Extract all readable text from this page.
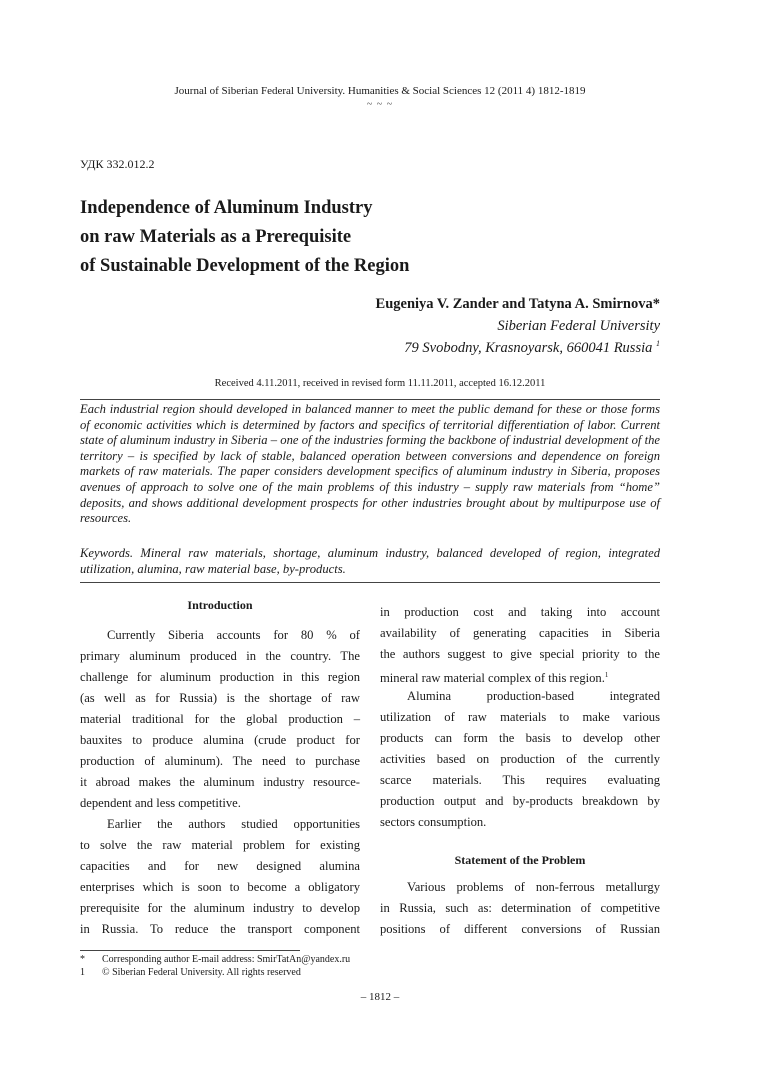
Journal of Siberian Federal University. Humanities & Social Sciences 12 (2011 4) 1812-1819
~ ~ ~
УДК 332.012.2
Independence of Aluminum Industry
on raw Materials as a Prerequisite
of Sustainable Development of the Region
Eugeniya V. Zander and Tatyna A. Smirnova*
Siberian Federal University
79 Svobodny, Krasnoyarsk, 660041 Russia $^1$
Received 4.11.2011, received in revised form 11.11.2011, accepted 16.12.2011
Each industrial region should developed in balanced manner to meet the public demand for these or those forms of economic activities which is determined by factors and specifics of territorial differentiation of labor. Current state of aluminum industry in Siberia – one of the industries forming the backbone of industrial development of the territory – is specified by lack of stable, balanced operation between conversions and dependence on foreign markets of raw materials. The paper considers development specifics of aluminum industry in Siberia, proposes avenues of approach to solve one of the main problems of this industry – supply raw materials from “home” deposits, and shows additional development prospects for other industries brought about by multipurpose use of resources.
Keywords. Mineral raw materials, shortage, aluminum industry, balanced developed of region, integrated utilization, alumina, raw material base, by-products.
Introduction
Currently Siberia accounts for 80 % of
primary aluminum produced in the country. The
challenge for aluminum production in this region
(as well as for Russia) is the shortage of raw
material traditional for the global production –
bauxites to produce alumina (crude product for
production of aluminum). The need to purchase
it abroad makes the aluminum industry resource-
dependent and less competitive.
Earlier the authors studied opportunities
to solve the raw material problem for existing
capacities and for new designed alumina
enterprises which is soon to become a obligatory
prerequisite for the aluminum industry to develop
in Russia. To reduce the transport component
in production cost and taking into account
availability of generating capacities in Siberia
the authors suggest to give special priority to the
mineral raw material complex of this region.$^1$
Alumina production-based integrated
utilization of raw materials to make various
products can form the basis to develop other
activities based on production of the currently
scarce materials. This requires evaluating
production output and by-products breakdown by
sectors consumption.
Statement of the Problem
Various problems of non-ferrous metallurgy
in Russia, such as: determination of competitive
positions of different conversions of Russian
* Corresponding author E-mail address: SmirTatAn@yandex.ru
1 © Siberian Federal University. All rights reserved
– 1812 –
